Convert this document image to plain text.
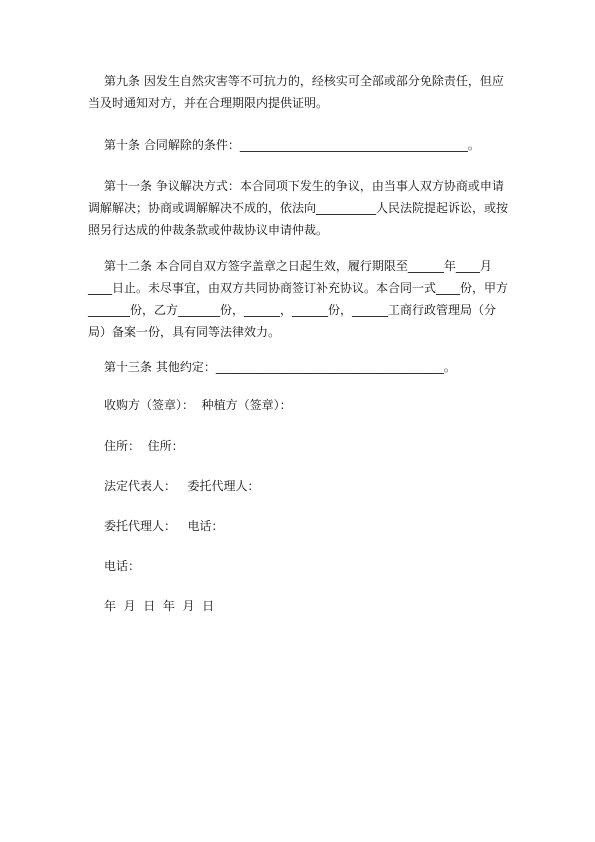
第九条 因发生自然灾害等不可抗力的，经核实可全部或部分免除责任，但应当及时通知对方，并在合理期限内提供证明。

第十条 合同解除的条件：______________________________________。

第十一条 争议解决方式：本合同项下发生的争议，由当事人双方协商或申请调解解决；协商或调解解决不成的，依法向__________人民法院提起诉讼，或按照另行达成的仲裁条款或仲裁协议申请仲裁。

第十二条 本合同自双方签字盖章之日起生效，履行期限至______年____月____日止。未尽事宜，由双方共同协商签订补充协议。本合同一式____份，甲方_______份，乙方_______份，______，______份，______工商行政管理局（分局）备案一份，具有同等法律效力。

第十三条 其他约定：______________________________________。

收购方（签章）：  种植方（签章）：

住所：  住所：

法定代表人：   委托代理人：

委托代理人：   电话：

电话：

年  月  日  年  月  日
